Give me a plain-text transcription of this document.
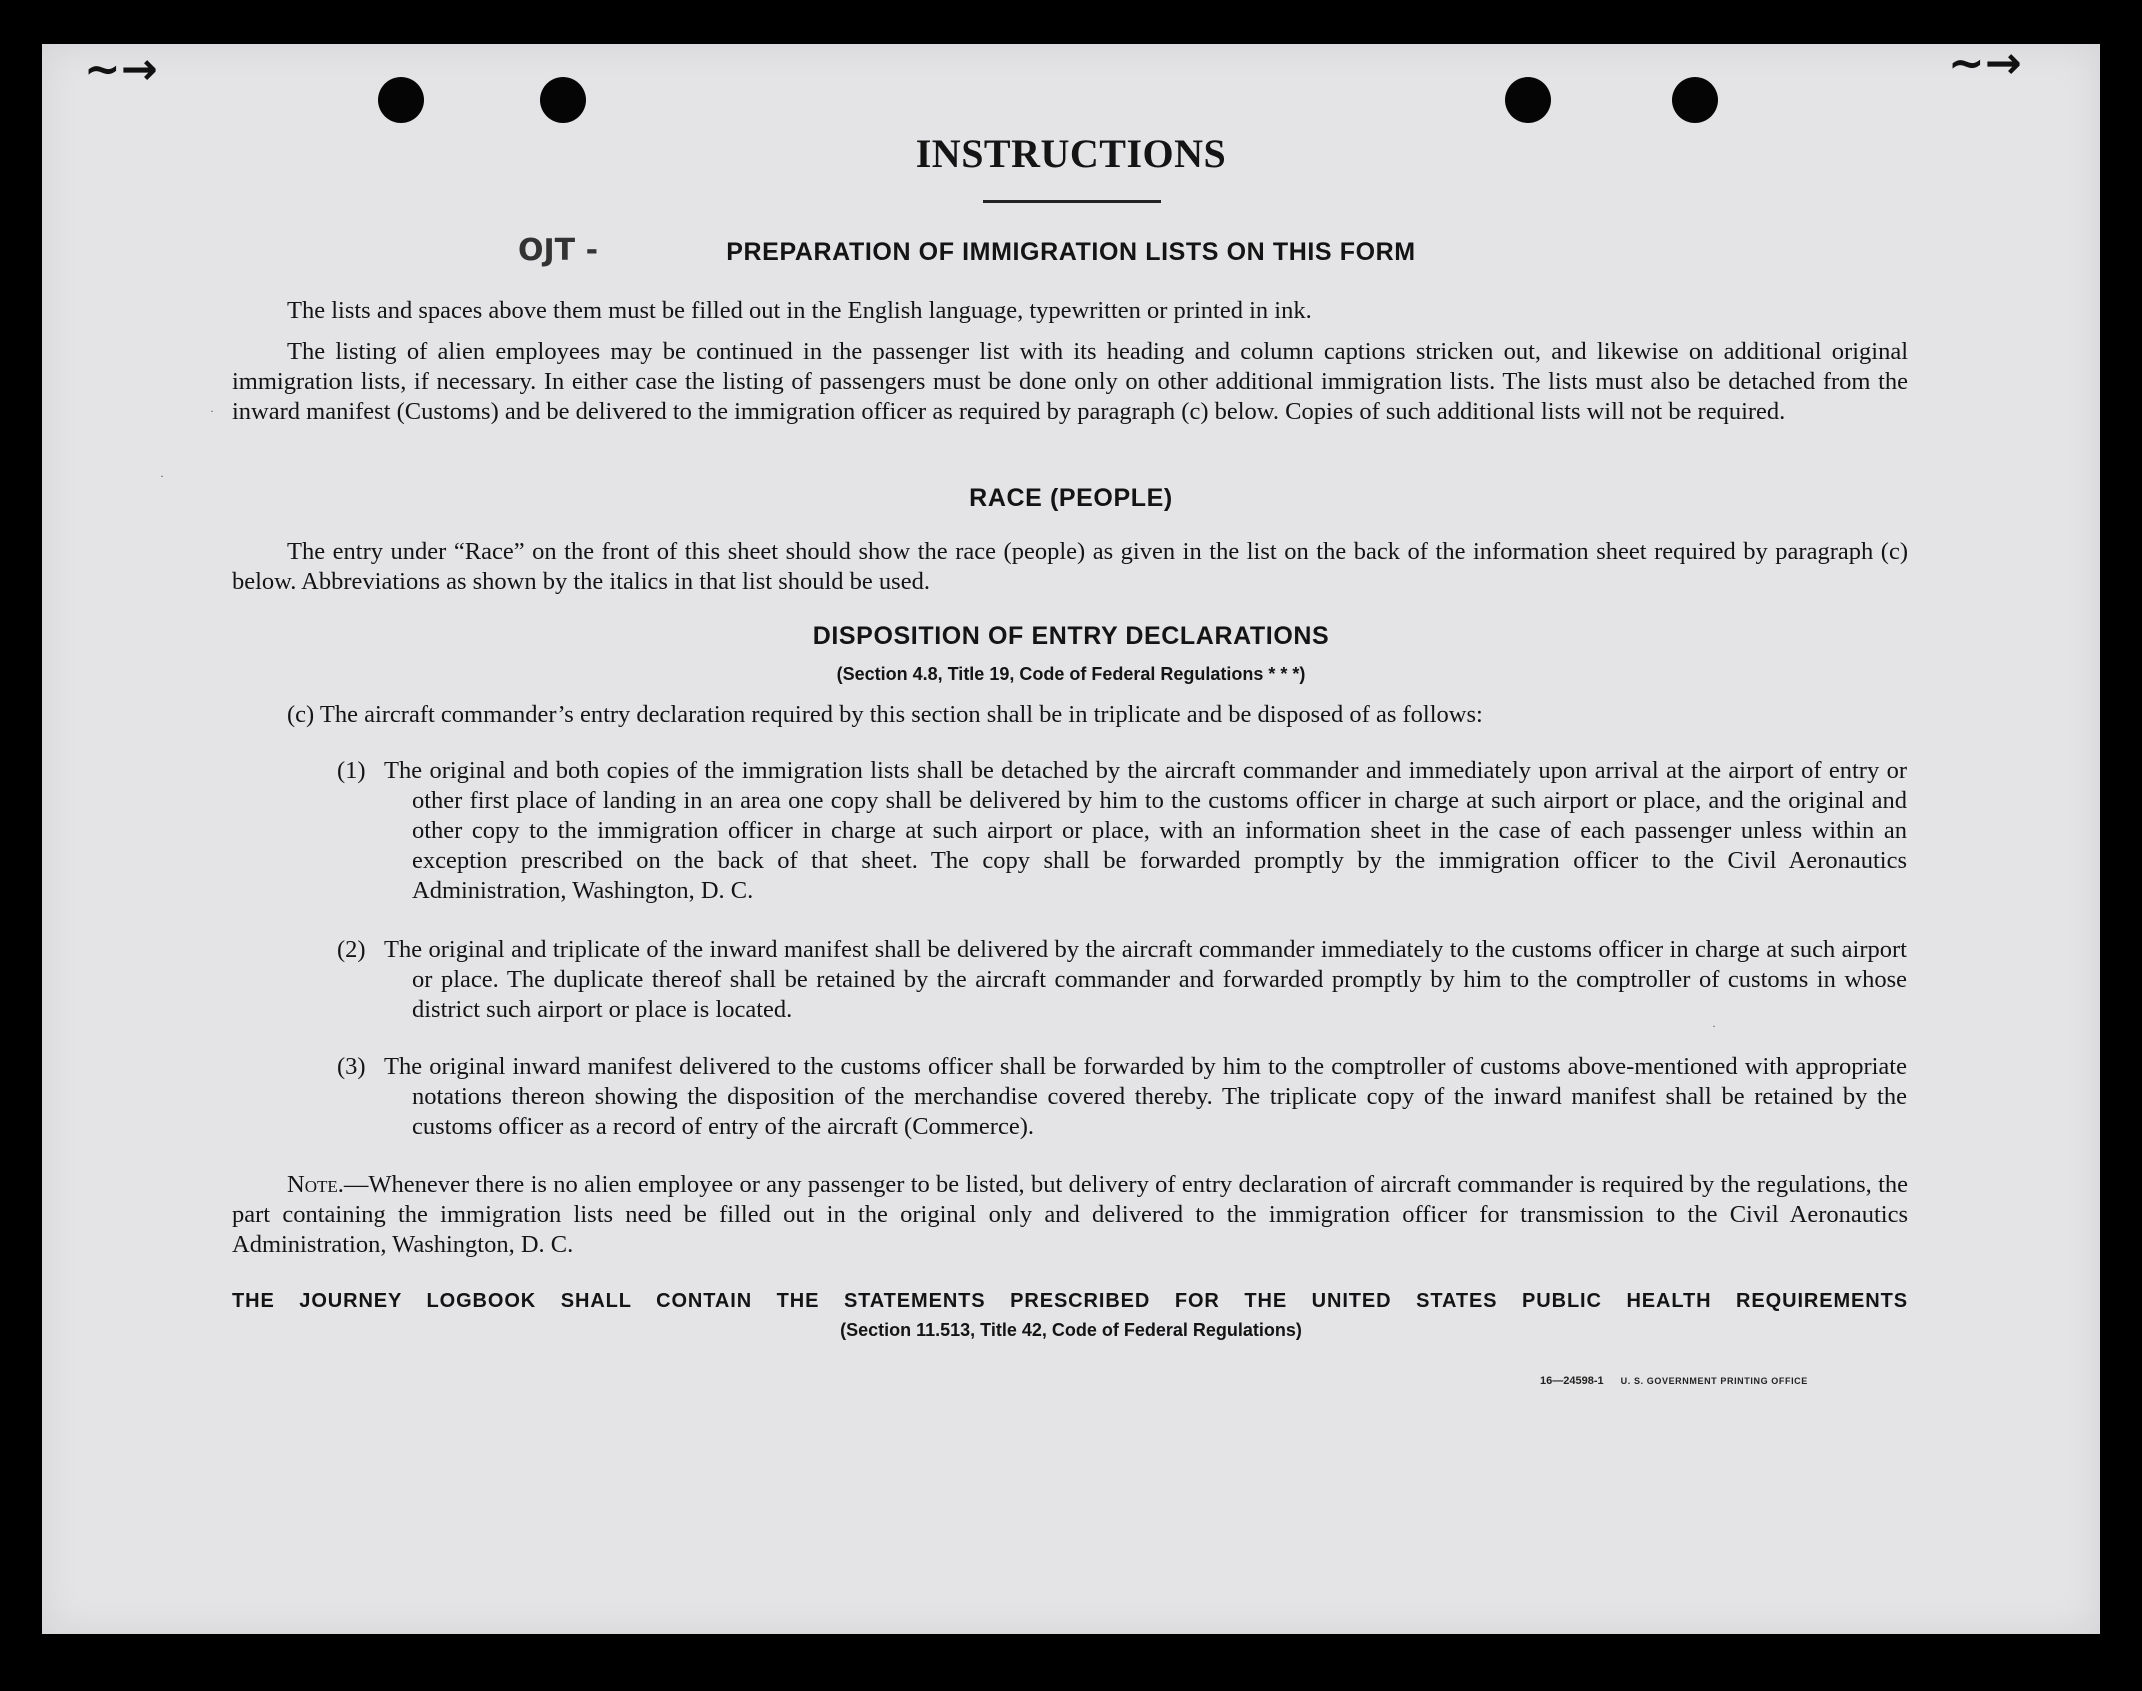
∼→	∼→

·
·
·
INSTRUCTIONS
OJT -	PREPARATION OF IMMIGRATION LISTS ON THIS FORM
The lists and spaces above them must be filled out in the English language, typewritten or printed in ink.
The listing of alien employees may be continued in the passenger list with its heading and column captions stricken out, and likewise on additional original immigration lists, if necessary. In either case the listing of passengers must be done only on other additional immigration lists. The lists must also be detached from the inward manifest (Customs) and be delivered to the immigration officer as required by paragraph (c) below. Copies of such additional lists will not be required.
RACE (PEOPLE)
The entry under “Race” on the front of this sheet should show the race (people) as given in the list on the back of the information sheet required by paragraph (c) below. Abbreviations as shown by the italics in that list should be used.
DISPOSITION OF ENTRY DECLARATIONS
(Section 4.8, Title 19, Code of Federal Regulations * * *)
(c) The aircraft commander’s entry declaration required by this section shall be in triplicate and be disposed of as follows:
(1) The original and both copies of the immigration lists shall be detached by the aircraft commander and immediately upon arrival at the airport of entry or other first place of landing in an area one copy shall be delivered by him to the customs officer in charge at such airport or place, and the original and other copy to the immigration officer in charge at such airport or place, with an information sheet in the case of each passenger unless within an exception prescribed on the back of that sheet. The copy shall be forwarded promptly by the immigration officer to the Civil Aeronautics Administration, Washington, D. C.
(2) The original and triplicate of the inward manifest shall be delivered by the aircraft commander immediately to the customs officer in charge at such airport or place. The duplicate thereof shall be retained by the aircraft commander and forwarded promptly by him to the comptroller of customs in whose district such airport or place is located.
(3) The original inward manifest delivered to the customs officer shall be forwarded by him to the comptroller of customs above-mentioned with appropriate notations thereon showing the disposition of the merchandise covered thereby. The triplicate copy of the inward manifest shall be retained by the customs officer as a record of entry of the aircraft (Commerce).
Note.—Whenever there is no alien employee or any passenger to be listed, but delivery of entry declaration of aircraft commander is required by the regulations, the part containing the immigration lists need be filled out in the original only and delivered to the immigration officer for transmission to the Civil Aeronautics Administration, Washington, D. C.
THE JOURNEY LOGBOOK SHALL CONTAIN THE STATEMENTS PRESCRIBED FOR THE UNITED STATES PUBLIC HEALTH REQUIREMENTS
(Section 11.513, Title 42, Code of Federal Regulations)
16—24598-1 U. S. GOVERNMENT PRINTING OFFICE
